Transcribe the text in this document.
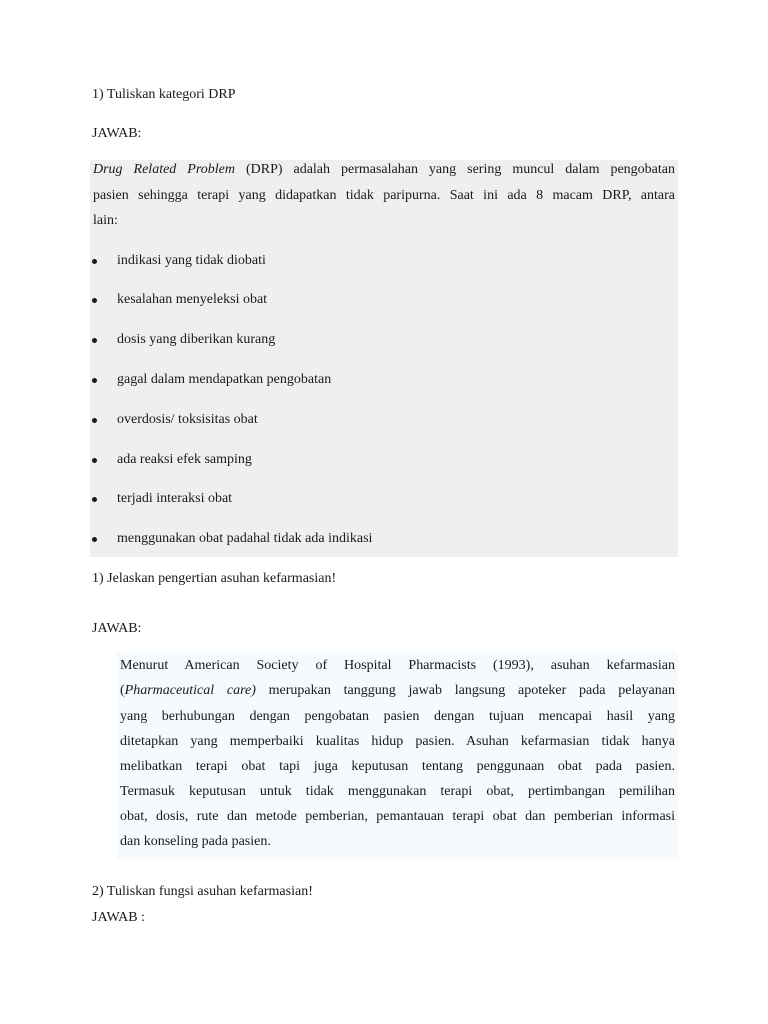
1) Tuliskan kategori DRP

JAWAB:

Drug Related Problem (DRP) adalah permasalahan yang sering muncul dalam pengobatan

pasien sehingga terapi yang didapatkan tidak paripurna. Saat ini ada 8 macam DRP, antara

lain:

indikasi yang tidak diobati

kesalahan menyeleksi obat

dosis yang diberikan kurang

gagal dalam mendapatkan pengobatan

overdosis/ toksisitas obat

ada reaksi efek samping

terjadi interaksi obat

menggunakan obat padahal tidak ada indikasi

1) Jelaskan pengertian asuhan kefarmasian!

JAWAB:

Menurut American Society of Hospital Pharmacists (1993), asuhan kefarmasian

(Pharmaceutical care) merupakan tanggung jawab langsung apoteker pada pelayanan

yang berhubungan dengan pengobatan pasien dengan tujuan mencapai hasil yang

ditetapkan yang memperbaiki kualitas hidup pasien. Asuhan kefarmasian tidak hanya

melibatkan terapi obat tapi juga keputusan tentang penggunaan obat pada pasien.

Termasuk keputusan untuk tidak menggunakan terapi obat, pertimbangan pemilihan

obat, dosis, rute dan metode pemberian, pemantauan terapi obat dan pemberian informasi

dan konseling pada pasien.

2) Tuliskan fungsi asuhan kefarmasian!

JAWAB :
